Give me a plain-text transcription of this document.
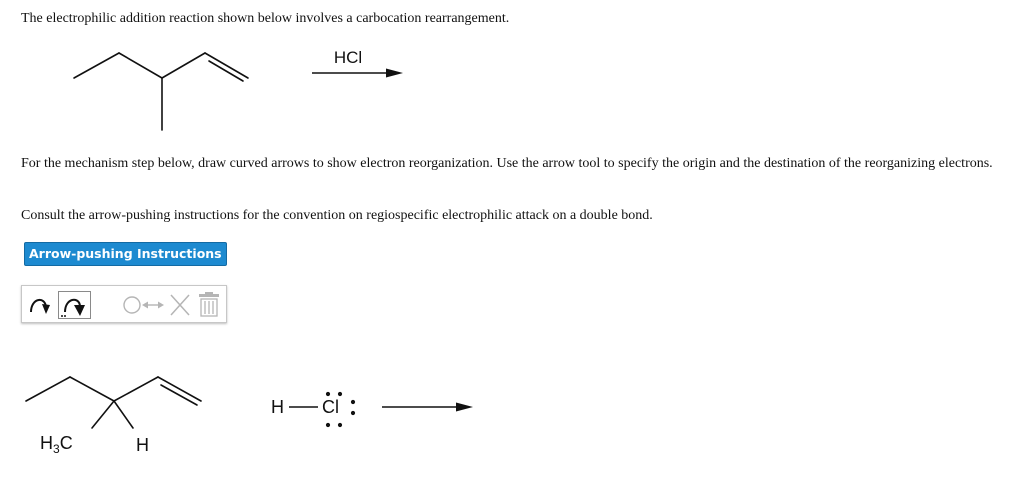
The electrophilic addition reaction shown below involves a carbocation rearrangement.

HCl

For the mechanism step below, draw curved arrows to show electron reorganization. Use the arrow tool to specify the origin and the destination of the reorganizing electrons.

Consult the arrow-pushing instructions for the convention on regiospecific electrophilic attack on a double bond.

Arrow-pushing Instructions
$H_3C$	H
H Cl
